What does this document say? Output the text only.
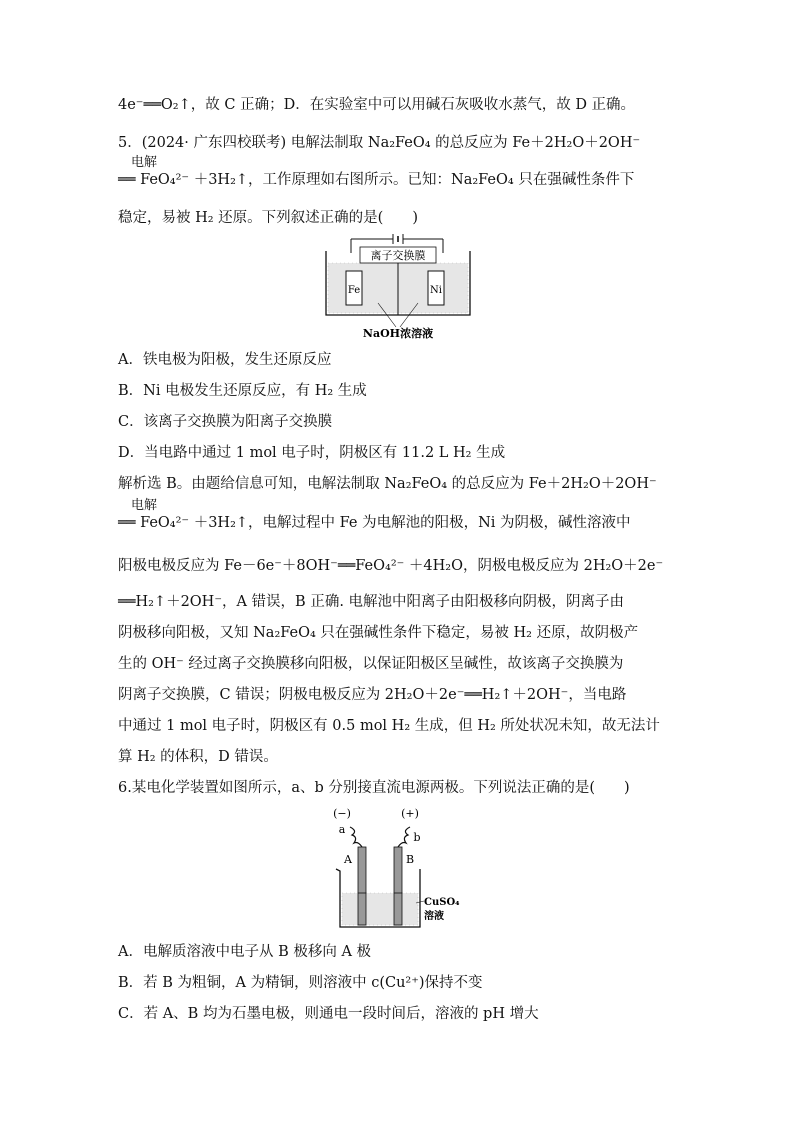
4e⁻══O₂↑，故 C 正确；D．在实验室中可以用碱石灰吸收水蒸气，故 D 正确。
5．(2024· 广东四校联考) 电解法制取 Na₂FeO₄ 的总反应为 Fe＋2H₂O＋2OH⁻
电解
══ FeO₄²⁻ ＋3H₂↑，工作原理如右图所示。已知：Na₂FeO₄ 只在强碱性条件下
稳定，易被 H₂ 还原。下列叙述正确的是(　　)
离子交换膜
Fe	Ni
NaOH浓溶液
A．铁电极为阳极，发生还原反应
B．Ni 电极发生还原反应，有 H₂ 生成
C．该离子交换膜为阳离子交换膜
D．当电路中通过 1 mol 电子时，阴极区有 11.2 L H₂ 生成
解析选 B。由题给信息可知，电解法制取 Na₂FeO₄ 的总反应为 Fe＋2H₂O＋2OH⁻
电解
══ FeO₄²⁻ ＋3H₂↑，电解过程中 Fe 为电解池的阳极，Ni 为阴极，碱性溶液中
阳极电极反应为 Fe－6e⁻＋8OH⁻══FeO₄²⁻ ＋4H₂O，阴极电极反应为 2H₂O＋2e⁻
══H₂↑＋2OH⁻，A 错误，B 正确. 电解池中阳离子由阳极移向阴极，阴离子由
阴极移向阳极，又知 Na₂FeO₄ 只在强碱性条件下稳定，易被 H₂ 还原，故阴极产
生的 OH⁻ 经过离子交换膜移向阳极，以保证阳极区呈碱性，故该离子交换膜为
阴离子交换膜，C 错误；阴极电极反应为 2H₂O＋2e⁻══H₂↑＋2OH⁻，当电路
中通过 1 mol 电子时，阴极区有 0.5 mol H₂ 生成，但 H₂ 所处状况未知，故无法计
算 H₂ 的体积，D 错误。
6.某电化学装置如图所示，a、b 分别接直流电源两极。下列说法正确的是(　　)
(−)	(+)
a
b
A	B
CuSO₄
溶液
A．电解质溶液中电子从 B 极移向 A 极
B．若 B 为粗铜，A 为精铜，则溶液中 c(Cu²⁺)保持不变
C．若 A、B 均为石墨电极，则通电一段时间后，溶液的 pH 增大
